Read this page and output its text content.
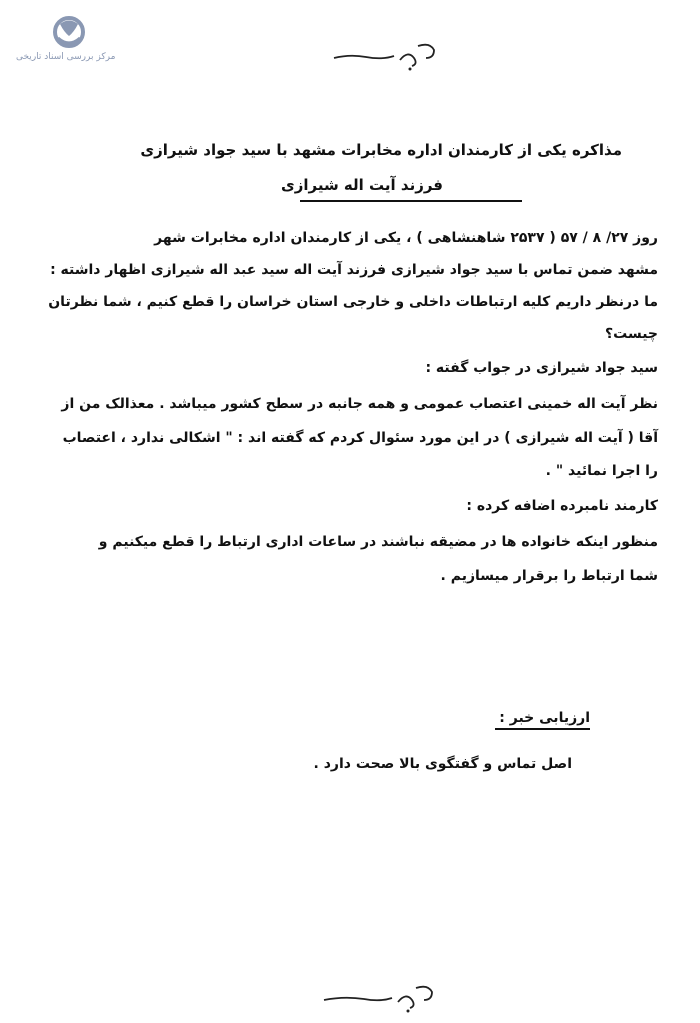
مرکز بررسی اسناد تاریخی
مذاکره یکی از کارمندان اداره مخابرات مشهد با سید جواد شیرازی
فرزند آیت اله شیرازی
روز ۲۷/ ۸ / ۵۷ ( ۲۵۳۷ شاهنشاهی ) ، یکی از کارمندان اداره مخابرات شهر
مشهد ضمن تماس با سید جواد شیرازی فرزند آیت اله سید عبد اله شیرازی اظهار داشته :
ما درنظر داریم کلیه ارتباطات داخلی و خارجی استان خراسان را قطع کنیم ، شما نظرتان
چیست؟
سید جواد شیرازی در جواب گفته :
نظر آیت اله خمینی اعتصاب عمومی و همه جانبه در سطح کشور میباشد . معذالک من از
آقا ( آیت اله شیرازی ) در این مورد سئوال کردم که گفته اند : " اشکالی ندارد ، اعتصاب
را اجرا نمائید " .
کارمند نامبرده اضافه کرده :
منظور اینکه خانواده ها در مضیقه نباشند در ساعات اداری ارتباط را قطع میکنیم و
شما ارتباط را برقرار میسازیم .
ارزیابی خبر :
اصل تماس و گفتگوی بالا صحت دارد .
